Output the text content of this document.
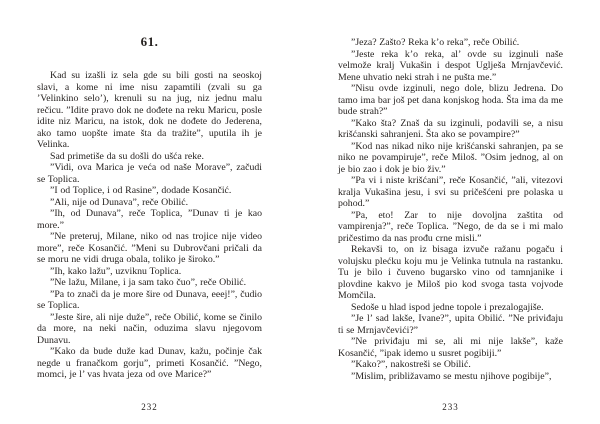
61.

Kad su izašli iz sela gde su bili gosti na seoskoj slavi, a kome ni ime nisu zapamtili (zvali su ga ’Velinkino selo’), krenuli su na jug, niz jednu malu rečicu. ”Idite pravo dok ne dođete na reku Maricu, posle idite niz Maricu, na istok, dok ne dođete do Jederena, ako tamo uopšte imate šta da tražite”, uputila ih je Velinka.

Sad primetiše da su došli do ušća reke.

”Vidi, ova Marica je veća od naše Morave”, začudi se Toplica.

”I od Toplice, i od Rasine”, dodade Kosančić.

”Ali, nije od Dunava”, reče Obilić.

”Ih, od Dunava”, reče Toplica, ”Dunav ti je kao more.”

”Ne preteruj, Milane, niko od nas trojice nije video more”, reče Kosančić. ”Meni su Dubrovčani pričali da se moru ne vidi druga obala, toliko je široko.”

”Ih, kako lažu”, uzviknu Toplica.

”Ne lažu, Milane, i ja sam tako čuo”, reče Obilić.

”Pa to znači da je more šire od Dunava, eeej!”, čudio se Toplica.

”Jeste šire, ali nije duže”, reče Obilić, kome se činilo da more, na neki način, oduzima slavu njegovom Dunavu.

”Kako da bude duže kad Dunav, kažu, počinje čak negde u franačkom gorju”, primeti Kosančić. ”Nego, momci, je l’ vas hvata jeza od ove Marice?”

232

”Jeza? Zašto? Reka k’o reka”, reče Obilić.

”Jeste reka k’o reka, al’ ovde su izginuli naše velmože kralj Vukašin i despot Uglješa Mrnjavčević. Mene uhvatio neki strah i ne pušta me.”

”Nisu ovde izginuli, nego dole, blizu Jedrena. Do tamo ima bar još pet dana konjskog hoda. Šta ima da me bude strah?”

”Kako šta? Znaš da su izginuli, podavili se, a nisu krišćanski sahranjeni. Šta ako se povampire?”

”Kod nas nikad niko nije krišćanski sahranjen, pa se niko ne povampiruje”, reče Miloš. ”Osim jednog, al on je bio zao i dok je bio živ.”

”Pa vi i niste krišćani”, reče Kosančić, ”ali, vitezovi kralja Vukašina jesu, i svi su pričešćeni pre polaska u pohod.”

”Pa, eto! Zar to nije dovoljna zaštita od vampirenja?”, reče Toplica. ”Nego, de da se i mi malo pričestimo da nas prođu crne misli.”

Rekavši to, on iz bisaga izvuče ražanu pogaču i volujsku plećku koju mu je Velinka tutnula na rastanku. Tu je bilo i čuveno bugarsko vino od tamnjanike i plovdine kakvo je Miloš pio kod svoga tasta vojvode Momčila.

Sedoše u hlad ispod jedne topole i prezalogajiše.

”Je l’ sad lakše, Ivane?”, upita Obilić. ”Ne priviđaju ti se Mrnjavčevići?”

”Ne priviđaju mi se, ali mi nije lakše”, kaže Kosančić, ”ipak idemo u susret pogibiji.”

”Kako?”, nakostreši se Obilić.

”Mislim, približavamo se mestu njihove pogibije”,

233
